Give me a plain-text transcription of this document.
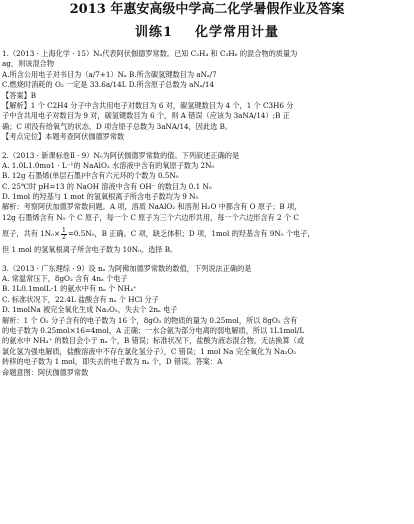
2013 年惠安高级中学高二化学暑假作业及答案
训练1 化学常用计量
1.（2013 · 上海化学 · 15）Nₐ代表阿伏伽德罗常数。已知 C₂H₄ 和 C₃H₆ 的混合物的质量为
ag，则该混合物
A.所含公用电子对书目为（a/7+1）Nₐ B.所含碳氢键数目为 aNₐ/7
C.燃烧时消耗的 O₂ 一定是 33.6a/14L D.所含原子总数为 aNₐ/14
【答案】B
【解析】1 个 C2H4 分子中含共用电子对数目为 6 对，碳氢键数目为 4 个，1 个 C3H6 分
子中含共用电子对数目为 9 对，碳氢键数目为 6 个，则 A 错误（应该为 3aNA/14）;B 正
确；C 项没有给氧气的状态，D 项含原子总数为 3aNA/14，因此选 B。
【考点定位】本题考查阿伏伽德罗常数
2.（2013 · 新课标卷Ⅱ · 9）N₀为阿伏伽德罗常数的值。下列叙述正确的是
A. 1.0L1.0mo1 · L⁻¹的 NaAlO₂ 水溶液中含有的氧原子数为 2N₀
B. 12g 石墨烯(单层石墨)中含有六元环的个数为 0.5N₀
C. 25℃时 pH=13 的 NaOH 溶液中含有 OH⁻ 的数目为 0.1 N₀
D. 1mol 的羟基与 1 mot 的氢氧根离子所含电子数均为 9 N₀
解析：考察阿伏加德罗常数问题。A 项，溶质 NaAlO₂ 和溶剂 H₂O 中都含有 O 原子；B 项，
12g 石墨烯含有 N₀ 个 C 原子，每一个 C 原子为三个六边形共用，每一个六边形含有 2 个 C
原子，共有 $1N_0\times \frac{1}{2} =0.5N_0$，B 正确。C 项，缺乏体积；D 项，1mol 的羟基含有 9N₀ 个电子，
但 1 mol 的氢氧根离子所含电子数为 10N₀。选择 B。
3.（2013 · 广东理综 · 9）设 nₐ 为阿佛加德罗常数的数值，下列说法正确的是
A. 常温常压下，8gO₂ 含有 4nₐ 个电子
B. 1L0.1molL-1 的氨水中有 nₐ 个 NH₄⁺
C. 标准状况下，22.4L 盐酸含有 nₐ 个 HCl 分子
D. 1molNa 被完全氧化生成 Na₂O₂，失去个 2nₐ 电子
解析：1 个 O₂ 分子含有的电子数为 16 个，8gO₂ 的物质的量为 0.25mol，所以 8gO₂ 含有
的电子数为 0.25mol×16=4mol，A 正确；一水合氨为部分电离的弱电解质，所以 1L1mol/L
的氨水中 NH₄⁺ 的数目会小于 nₐ 个，B 错误；标准状况下，盐酸为液态混合物，无法换算（或
氯化氢为强电解质，盐酸溶液中不存在氯化氢分子），C 错误；1 mol Na 完全氧化为 Na₂O₂
转移的电子数为 1 mol，即失去的电子数为 nₐ 个，D 错误。答案：A
命题意图：阿伏伽德罗常数
